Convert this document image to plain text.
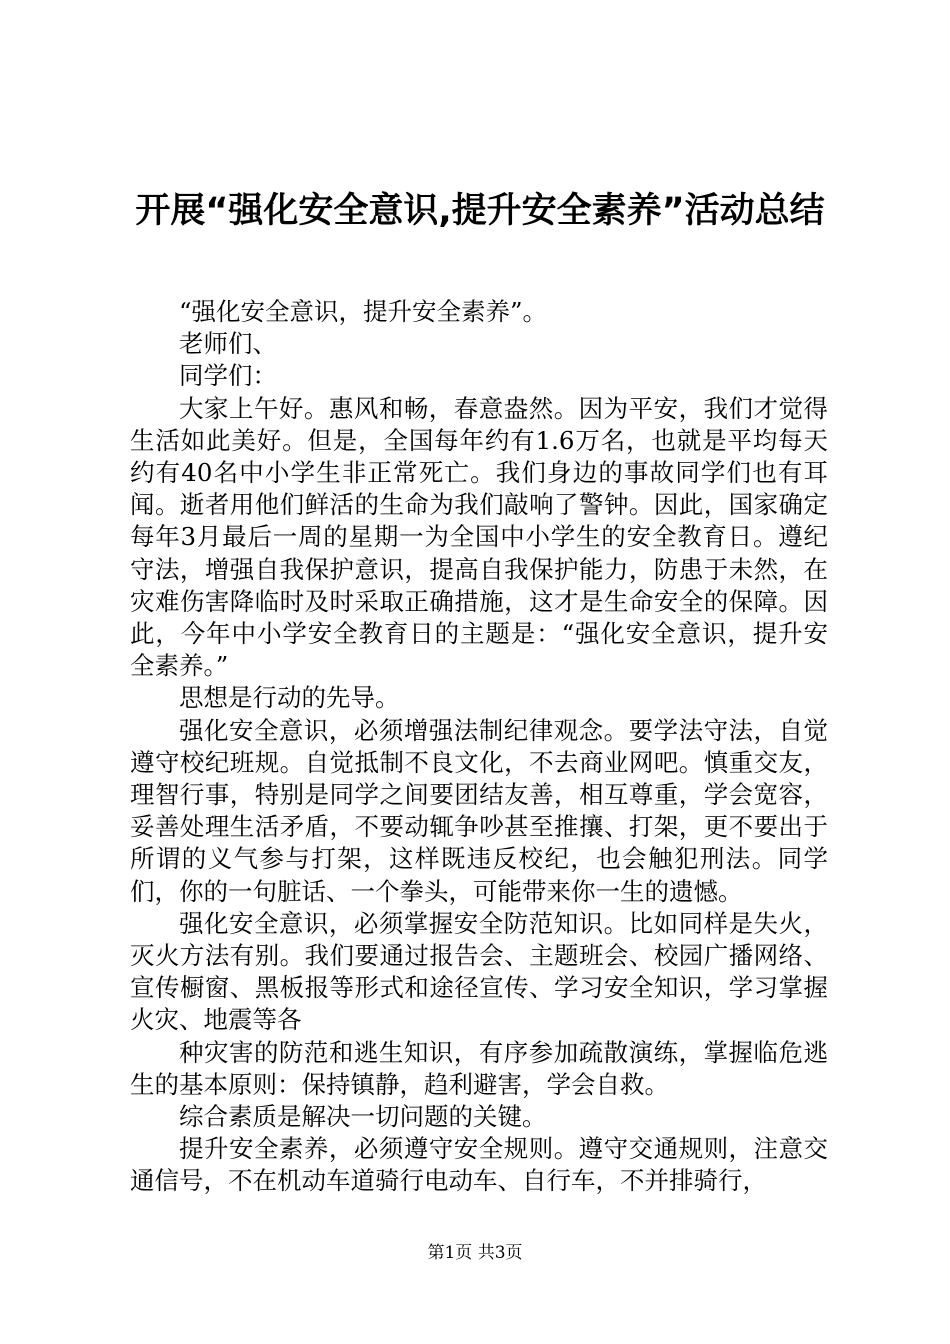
开展“强化安全意识,提升安全素养”活动总结

“强化安全意识，提升安全素养”。

老师们、

同学们：

大家上午好。惠风和畅，春意盎然。因为平安，我们才觉得生活如此美好。但是，全国每年约有1.6万名，也就是平均每天约有40名中小学生非正常死亡。我们身边的事故同学们也有耳闻。逝者用他们鲜活的生命为我们敲响了警钟。因此，国家确定每年3月最后一周的星期一为全国中小学生的安全教育日。遵纪守法，增强自我保护意识，提高自我保护能力，防患于未然，在灾难伤害降临时及时采取正确措施，这才是生命安全的保障。因此，今年中小学安全教育日的主题是：“强化安全意识，提升安全素养。”

思想是行动的先导。

强化安全意识，必须增强法制纪律观念。要学法守法，自觉遵守校纪班规。自觉抵制不良文化，不去商业网吧。慎重交友，理智行事，特别是同学之间要团结友善，相互尊重，学会宽容，妥善处理生活矛盾，不要动辄争吵甚至推攘、打架，更不要出于所谓的义气参与打架，这样既违反校纪，也会触犯刑法。同学们，你的一句脏话、一个拳头，可能带来你一生的遗憾。

强化安全意识，必须掌握安全防范知识。比如同样是失火，灭火方法有别。我们要通过报告会、主题班会、校园广播网络、宣传橱窗、黑板报等形式和途径宣传、学习安全知识，学习掌握火灾、地震等各

种灾害的防范和逃生知识，有序参加疏散演练，掌握临危逃生的基本原则：保持镇静，趋利避害，学会自救。

综合素质是解决一切问题的关键。

提升安全素养，必须遵守安全规则。遵守交通规则，注意交通信号，不在机动车道骑行电动车、自行车，不并排骑行，

第1页 共3页
